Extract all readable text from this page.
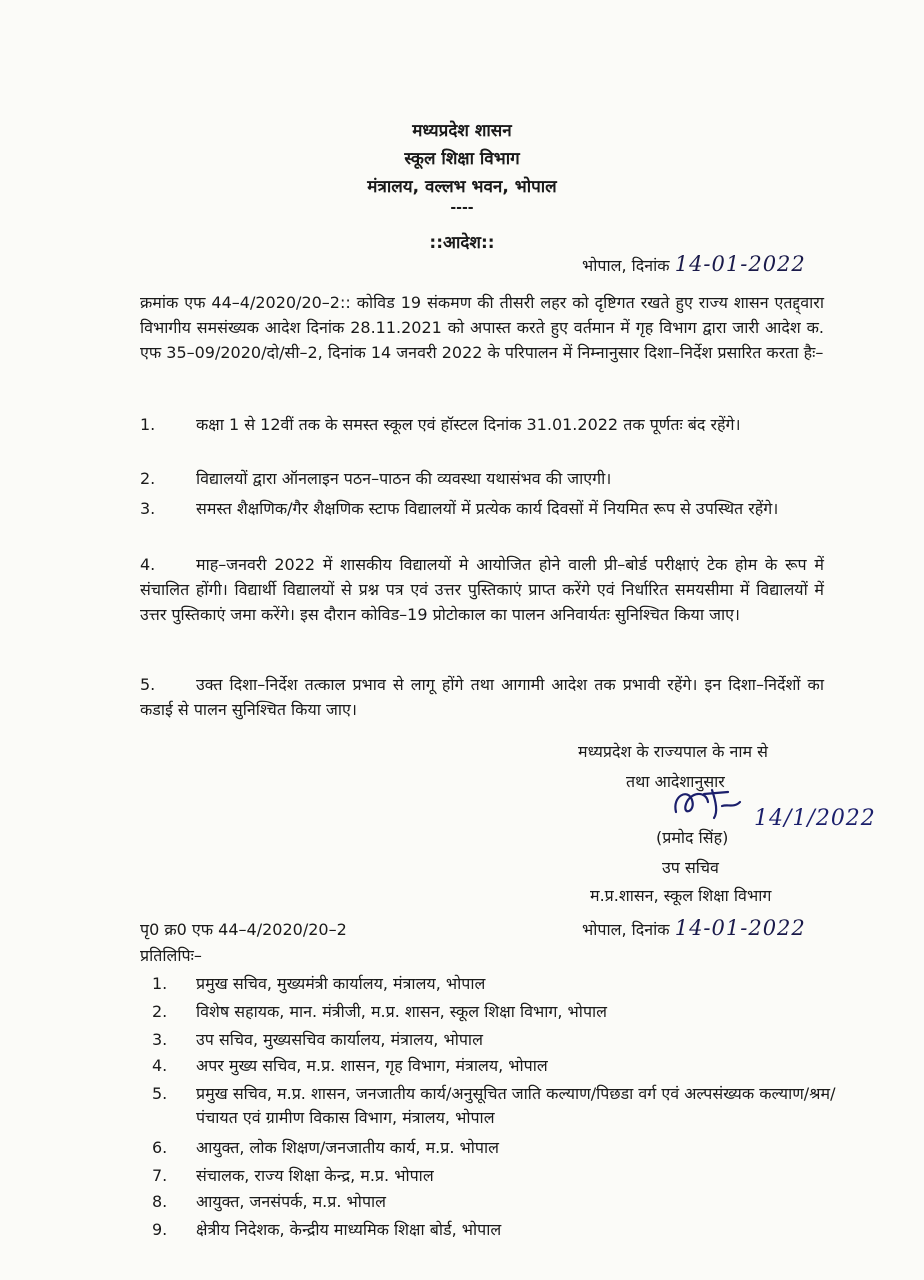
मध्यप्रदेश शासन
स्कूल शिक्षा विभाग
मंत्रालय, वल्लभ भवन, भोपाल
----
::आदेश::
भोपाल, दिनांक 14-01-2022
क्रमांक एफ 44–4/2020/20–2:: कोविड 19 संकमण की तीसरी लहर को दृष्टिगत रखते हुए राज्य शासन एतद्द्वारा विभागीय समसंख्यक आदेश दिनांक 28.11.2021 को अपास्त करते हुए वर्तमान में गृह विभाग द्वारा जारी आदेश क. एफ 35–09/2020/दो/सी–2, दिनांक 14 जनवरी 2022 के परिपालन में निम्नानुसार दिशा–निर्देश प्रसारित करता हैः–
1.	कक्षा 1 से 12वीं तक के समस्त स्कूल एवं हॉस्टल दिनांक 31.01.2022 तक पूर्णतः बंद रहेंगे।
2.	विद्यालयों द्वारा ऑनलाइन पठन–पाठन की व्यवस्था यथासंभव की जाएगी।
3.	समस्त शैक्षणिक/गैर शैक्षणिक स्टाफ विद्यालयों में प्रत्येक कार्य दिवसों में नियमित रूप से उपस्थित रहेंगे।
4.	माह–जनवरी 2022 में शासकीय विद्यालयों मे आयोजित होने वाली प्री–बोर्ड परीक्षाएं टेक होम के रूप में संचालित होंगी। विद्यार्थी विद्यालयों से प्रश्न पत्र एवं उत्तर पुस्तिकाएं प्राप्त करेंगे एवं निर्धारित समयसीमा में विद्यालयों में उत्तर पुस्तिकाएं जमा करेंगे। इस दौरान कोविड–19 प्रोटोकाल का पालन अनिवार्यतः सुनिश्चित किया जाए।
5.	उक्त दिशा–निर्देश तत्काल प्रभाव से लागू होंगे तथा आगामी आदेश तक प्रभावी रहेंगे। इन दिशा–निर्देशों का कडाई से पालन सुनिश्चित किया जाए।
मध्यप्रदेश के राज्यपाल के नाम से
तथा आदेशानुसार
14/1/2022
(प्रमोद सिंह)
उप सचिव
म.प्र.शासन, स्कूल शिक्षा विभाग
पृ0 क्र0 एफ 44–4/2020/20–2	भोपाल, दिनांक 14-01-2022
प्रतिलिपिः–
1. प्रमुख सचिव, मुख्यमंत्री कार्यालय, मंत्रालय, भोपाल
2. विशेष सहायक, मान. मंत्रीजी, म.प्र. शासन, स्कूल शिक्षा विभाग, भोपाल
3. उप सचिव, मुख्यसचिव कार्यालय, मंत्रालय, भोपाल
4. अपर मुख्य सचिव, म.प्र. शासन, गृह विभाग, मंत्रालय, भोपाल
5. प्रमुख सचिव, म.प्र. शासन, जनजातीय कार्य/अनुसूचित जाति कल्याण/पिछडा वर्ग एवं अल्पसंख्यक कल्याण/श्रम/पंचायत एवं ग्रामीण विकास विभाग, मंत्रालय, भोपाल
6. आयुक्त, लोक शिक्षण/जनजातीय कार्य, म.प्र. भोपाल
7. संचालक, राज्य शिक्षा केन्द्र, म.प्र. भोपाल
8. आयुक्त, जनसंपर्क, म.प्र. भोपाल
9. क्षेत्रीय निदेशक, केन्द्रीय माध्यमिक शिक्षा बोर्ड, भोपाल
